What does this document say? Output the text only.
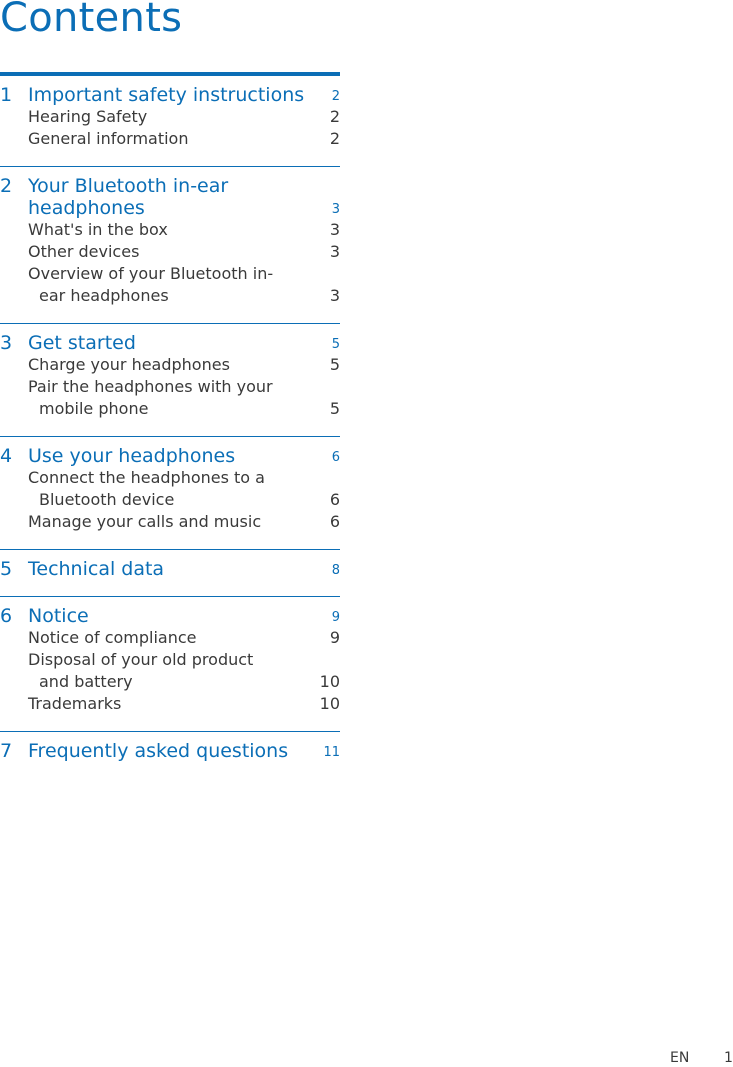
Contents
1 Important safety instructions 2
Hearing Safety	2
General information	2
2 Your Bluetooth in-ear headphones	3
What's in the box	3
Other devices	3
Overview of your Bluetooth in-
ear headphones	3
3 Get started	5
Charge your headphones	5
Pair the headphones with your
mobile phone	5
4 Use your headphones	6
Connect the headphones to a
Bluetooth device	6
Manage your calls and music	6
5 Technical data	8
6 Notice	9
Notice of compliance	9
Disposal of your old product
and battery	10
Trademarks	10
7 Frequently asked questions	11
EN 1
